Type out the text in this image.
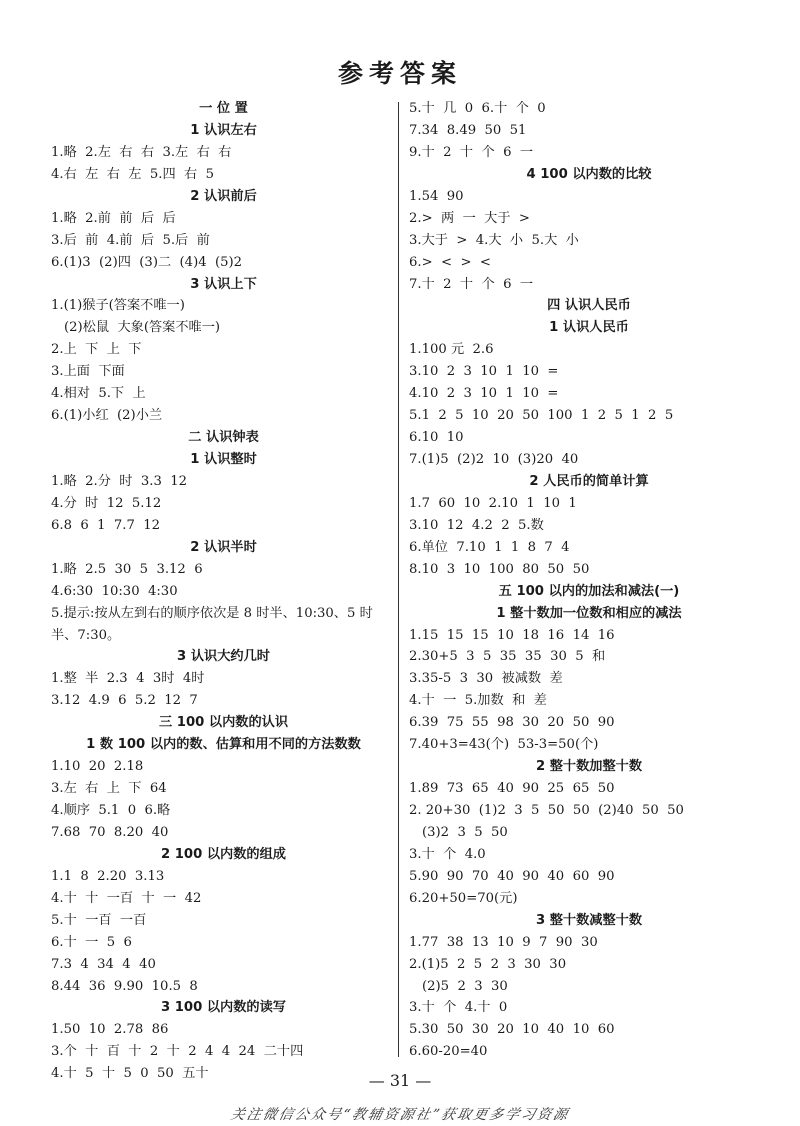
参考答案
一 位 置
1 认识左右
1.略  2.左  右  右  3.左  右  右
4.右  左  右  左  5.四  右  5
2 认识前后
1.略  2.前  前  后  后
3.后  前  4.前  后  5.后  前
6.(1)3  (2)四  (3)二  (4)4  (5)2
3 认识上下
1.(1)猴子(答案不唯一)
(2)松鼠  大象(答案不唯一)
2.上  下  上  下
3.上面  下面
4.相对  5.下  上
6.(1)小红  (2)小兰
二 认识钟表
1 认识整时
1.略  2.分  时  3.3  12
4.分  时  12  5.12
6.8  6  1  7.7  12
2 认识半时
1.略  2.5  30  5  3.12  6
4.6:30  10:30  4:30
5.提示:按从左到右的顺序依次是 8 时半、10:30、5 时
半、7:30。
3 认识大约几时
1.整  半  2.3  4  3时  4时
3.12  4.9  6  5.2  12  7
三 100 以内数的认识
1 数 100 以内的数、估算和用不同的方法数数
1.10  20  2.18
3.左  右  上  下  64
4.顺序  5.1  0  6.略
7.68  70  8.20  40
2 100 以内数的组成
1.1  8  2.20  3.13
4.十  十  一百  十  一  42
5.十  一百  一百
6.十  一  5  6
7.3  4  34  4  40
8.44  36  9.90  10.5  8
3 100 以内数的读写
1.50  10  2.78  86
3.个  十  百  十  2  十  2  4  4  24  二十四
4.十  5  十  5  0  50  五十
5.十  几  0  6.十  个  0
7.34  8.49  50  51
9.十  2  十  个  6  一
4 100 以内数的比较
1.54  90
2.>  两  一  大于  >
3.大于  >  4.大  小  5.大  小
6.>  <  >  <
7.十  2  十  个  6  一
四 认识人民币
1 认识人民币
1.100 元  2.6
3.10  2  3  10  1  10  =
4.10  2  3  10  1  10  =
5.1  2  5  10  20  50  100  1  2  5  1  2  5
6.10  10
7.(1)5  (2)2  10  (3)20  40
2 人民币的简单计算
1.7  60  10  2.10  1  10  1
3.10  12  4.2  2  5.数
6.单位  7.10  1  1  8  7  4
8.10  3  10  100  80  50  50
五 100 以内的加法和减法(一)
1 整十数加一位数和相应的减法
1.15  15  15  10  18  16  14  16
2.30+5  3  5  35  35  30  5  和
3.35-5  3  30  被减数  差
4.十  一  5.加数  和  差
6.39  75  55  98  30  20  50  90
7.40+3=43(个)  53-3=50(个)
2 整十数加整十数
1.89  73  65  40  90  25  65  50
2. 20+30  (1)2  3  5  50  50  (2)40  50  50
(3)2  3  5  50
3.十  个  4.0
5.90  90  70  40  90  40  60  90
6.20+50=70(元)
3 整十数减整十数
1.77  38  13  10  9  7  90  30
2.(1)5  2  5  2  3  30  30
(2)5  2  3  30
3.十  个  4.十  0
5.30  50  30  20  10  40  10  60
6.60-20=40
— 31 —
关注微信公众号“教辅资源社”获取更多学习资源
